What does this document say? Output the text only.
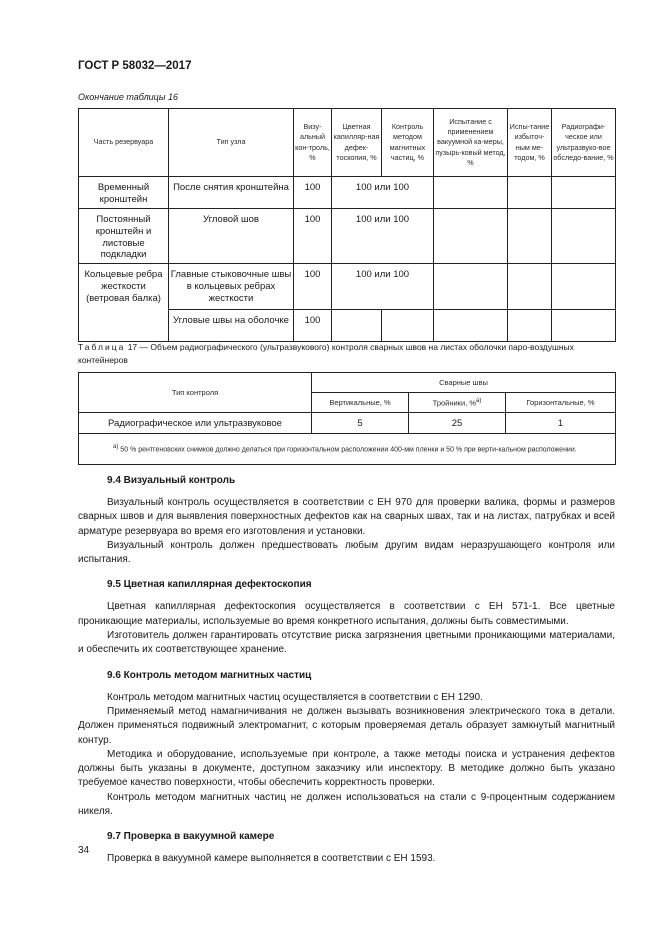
ГОСТ Р 58032—2017
Окончание таблицы 16
Часть резервуара	Тип узла	Визу-альный кон-троль, %	Цветная капилляр-ная дефек-тоскопия, %	Контроль методом магнитных частиц, %	Испытание с применением вакуумной ка-меры, пузырь-ковый метод, %	Испы-тание избыточ-ным ме-тодом, %	Радиографи-ческое или ультразвуко-вое обследо-вание, %
Временный кронштейн	После снятия кронштейна	100	100 или 100				
Постоянный кронштейн и листовые подкладки	Угловой шов	100	100 или 100				
Кольцевые ребра жесткости (ветровая балка)	Главные стыковочные швы в кольцевых ребрах жесткости	100	100 или 100				
	Угловые швы на оболочке	100					
Таблица 17 — Объем радиографического (ультразвукового) контроля сварных швов на листах оболочки паро-воздушных контейнеров
Тип контроля	Сварные швы		
	Вертикальные, %	Тройники, %$^{а)}$	Горизонтальные, %
Радиографическое или ультразвуковое	5	25	1
$^{а)}$ 50 % рентгеновских снимков должно делаться при горизонтальном расположении 400-мм пленки и 50 % при верти-кальном расположении.			

9.4 Визуальный контроль

Визуальный контроль осуществляется в соответствии с ЕН 970 для проверки валика, формы и размеров сварных швов и для выявления поверхностных дефектов как на сварных швах, так и на листах, патрубках и всей арматуре резервуара во время его изготовления и установки.

Визуальный контроль должен предшествовать любым другим видам неразрушающего контроля или испытания.

9.5 Цветная капиллярная дефектоскопия

Цветная капиллярная дефектоскопия осуществляется в соответствии с ЕН 571-1. Все цветные проникающие материалы, используемые во время конкретного испытания, должны быть совместимыми.

Изготовитель должен гарантировать отсутствие риска загрязнения цветными проникающими материалами, и обеспечить их соответствующее хранение.

9.6 Контроль методом магнитных частиц

Контроль методом магнитных частиц осуществляется в соответствии с ЕН 1290.

Применяемый метод намагничивания не должен вызывать возникновения электрического тока в детали. Должен применяться подвижный электромагнит, с которым проверяемая деталь образует замкнутый магнитный контур.

Методика и оборудование, используемые при контроле, а также методы поиска и устранения дефектов должны быть указаны в документе, доступном заказчику или инспектору. В методике должно быть указано требуемое качество поверхности, чтобы обеспечить корректность проверки.

Контроль методом магнитных частиц не должен использоваться на стали с 9-процентным содержанием никеля.

9.7 Проверка в вакуумной камере

Проверка в вакуумной камере выполняется в соответствии с ЕН 1593.

34
